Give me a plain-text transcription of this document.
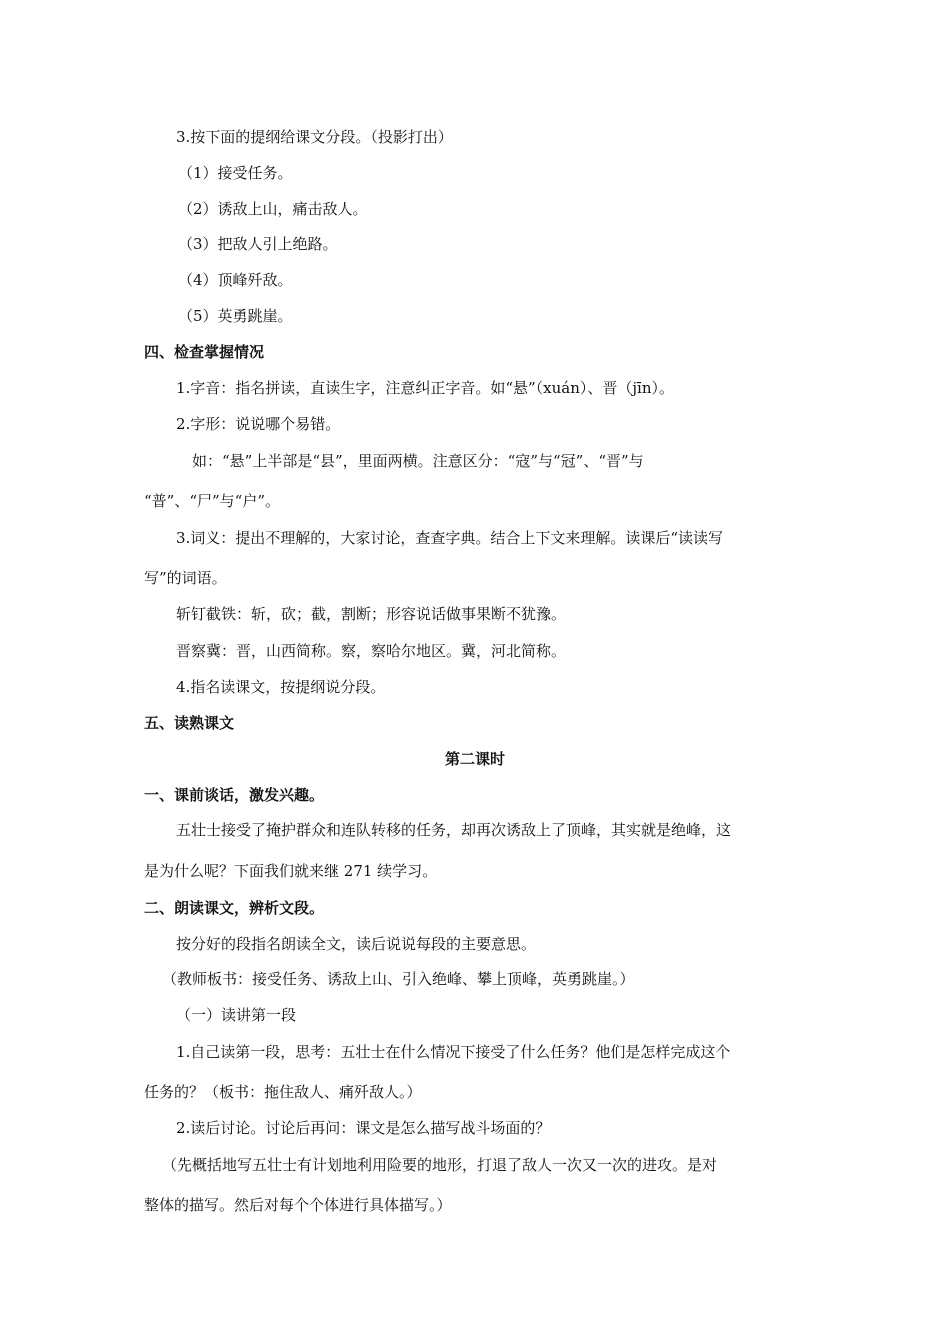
3.按下面的提纲给课文分段。（投影打出）
（1）接受任务。
（2）诱敌上山，痛击敌人。
（3）把敌人引上绝路。
（4）顶峰歼敌。
（5）英勇跳崖。
四、检查掌握情况
1.字音：指名拼读，直读生字，注意纠正字音。如“悬”（xuán）、晋（jīn）。
2.字形：说说哪个易错。
如：“悬”上半部是“县”，里面两横。注意区分：“寇”与“冠”、“晋”与
“普”、“尸”与“户”。
3.词义：提出不理解的，大家讨论，查查字典。结合上下文来理解。读课后“读读写
写”的词语。
斩钉截铁：斩，砍；截，割断；形容说话做事果断不犹豫。
晋察冀：晋，山西简称。察，察哈尔地区。冀，河北简称。
4.指名读课文，按提纲说分段。
五、读熟课文
第二课时
一、课前谈话，激发兴趣。
五壮士接受了掩护群众和连队转移的任务，却再次诱敌上了顶峰，其实就是绝峰，这
是为什么呢？下面我们就来继 271 续学习。
二、朗读课文，辨析文段。
按分好的段指名朗读全文，读后说说每段的主要意思。
（教师板书：接受任务、诱敌上山、引入绝峰、攀上顶峰，英勇跳崖。）
（一）读讲第一段
1.自己读第一段，思考：五壮士在什么情况下接受了什么任务？他们是怎样完成这个
任务的？（板书：拖住敌人、痛歼敌人。）
2.读后讨论。讨论后再问：课文是怎么描写战斗场面的？
（先概括地写五壮士有计划地利用险要的地形，打退了敌人一次又一次的进攻。是对
整体的描写。然后对每个个体进行具体描写。）
